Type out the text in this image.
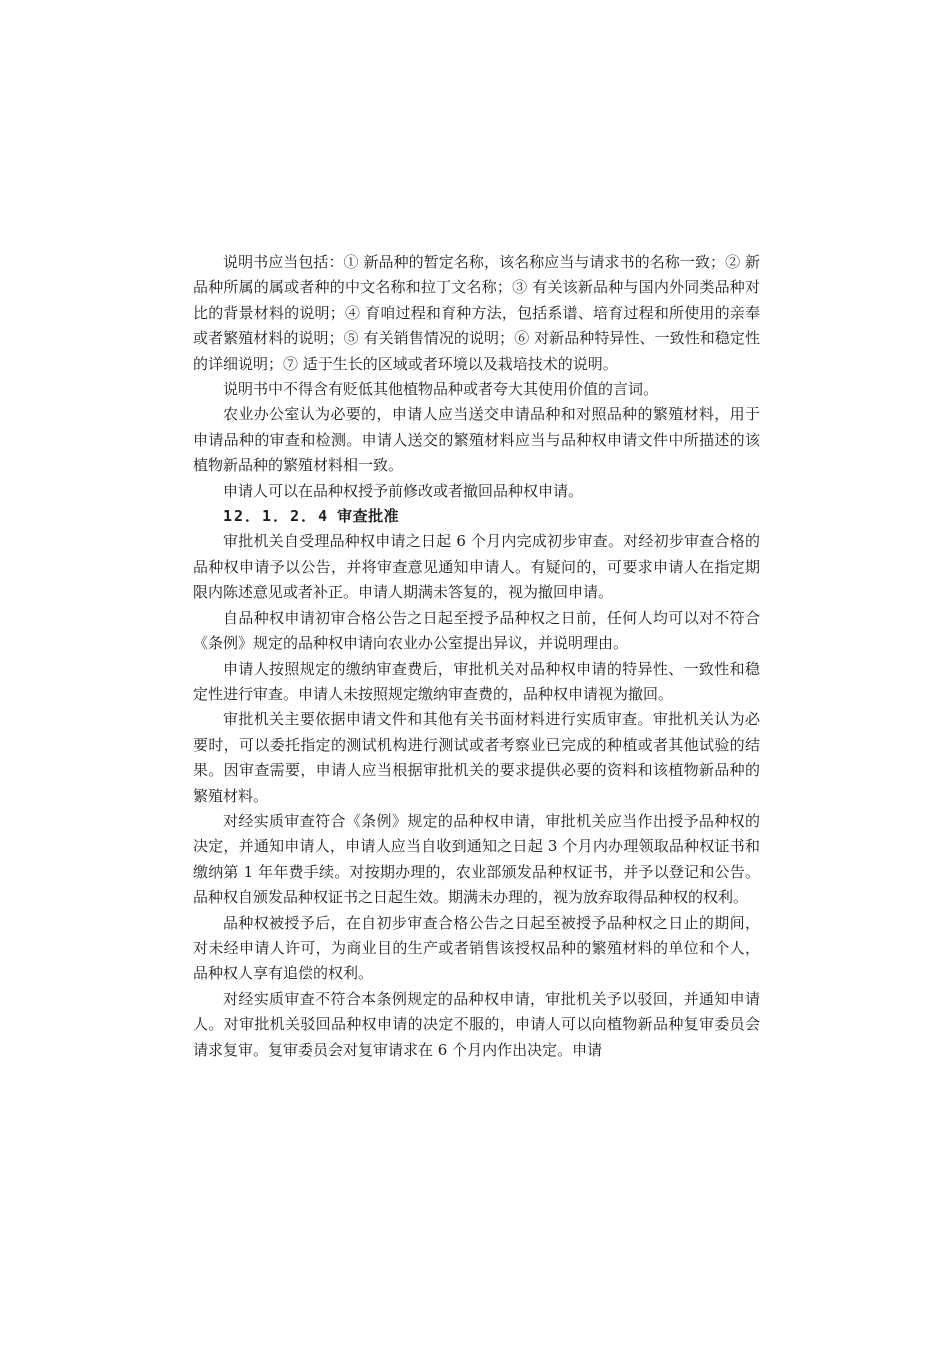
说明书应当包括：① 新品种的暂定名称，该名称应当与请求书的名称一致；② 新品种所属的属或者种的中文名称和拉丁文名称；③ 有关该新品种与国内外同类品种对比的背景材料的说明；④ 育咱过程和育种方法，包括系谱、培育过程和所使用的亲奉或者繁殖材料的说明；⑤ 有关销售情况的说明；⑥ 对新品种特异性、一致性和稳定性的详细说明；⑦ 适于生长的区域或者环境以及栽培技术的说明。

说明书中不得含有贬低其他植物品种或者夸大其使用价值的言词。

农业办公室认为必要的，申请人应当送交申请品种和对照品种的繁殖材料，用于申请品种的审查和检测。申请人送交的繁殖材料应当与品种权申请文件中所描述的该植物新品种的繁殖材料相一致。

申请人可以在品种权授予前修改或者撤回品种权申请。

12．1．2．4 审查批准

审批机关自受理品种权申请之日起 6 个月内完成初步审查。对经初步审查合格的品种权申请予以公告，并将审查意见通知申请人。有疑问的，可要求申请人在指定期限内陈述意见或者补正。申请人期满未答复的，视为撤回申请。

自品种权申请初审合格公告之日起至授予品种权之日前，任何人均可以对不符合《条例》规定的品种权申请向农业办公室提出异议，并说明理由。

申请人按照规定的缴纳审查费后，审批机关对品种权申请的特异性、一致性和稳定性进行审查。申请人未按照规定缴纳审查费的，品种权申请视为撤回。

审批机关主要依据申请文件和其他有关书面材料进行实质审查。审批机关认为必要时，可以委托指定的测试机构进行测试或者考察业已完成的种植或者其他试验的结果。因审查需要，申请人应当根据审批机关的要求提供必要的资料和该植物新品种的繁殖材料。

对经实质审查符合《条例》规定的品种权申请，审批机关应当作出授予品种权的决定，并通知申请人，申请人应当自收到通知之日起 3 个月内办理领取品种权证书和缴纳第 1 年年费手续。对按期办理的，农业部颁发品种权证书，并予以登记和公告。品种权自颁发品种权证书之日起生效。期满未办理的，视为放弃取得品种权的权利。

品种权被授予后，在自初步审查合格公告之日起至被授予品种权之日止的期间，对未经申请人许可，为商业目的生产或者销售该授权品种的繁殖材料的单位和个人，品种权人享有追偿的权利。

对经实质审查不符合本条例规定的品种权申请，审批机关予以驳回，并通知申请人。对审批机关驳回品种权申请的决定不服的，申请人可以向植物新品种复审委员会请求复审。复审委员会对复审请求在 6 个月内作出决定。申请
